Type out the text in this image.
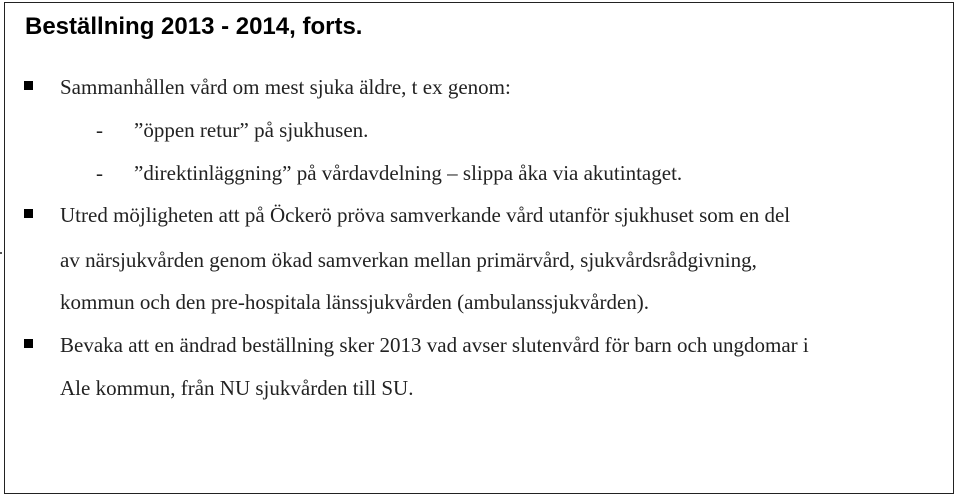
Beställning 2013 - 2014, forts.
Sammanhållen vård om mest sjuka äldre, t ex genom:
- ”öppen retur” på sjukhusen.
- ”direktinläggning” på vårdavdelning – slippa åka via akutintaget.
Utred möjligheten att på Öckerö pröva samverkande vård utanför sjukhuset som en del
av närsjukvården genom ökad samverkan mellan primärvård, sjukvårdsrådgivning,
kommun och den pre-hospitala länssjukvården (ambulanssjukvården).
Bevaka att en ändrad beställning sker 2013 vad avser slutenvård för barn och ungdomar i
Ale kommun, från NU sjukvården till SU.
